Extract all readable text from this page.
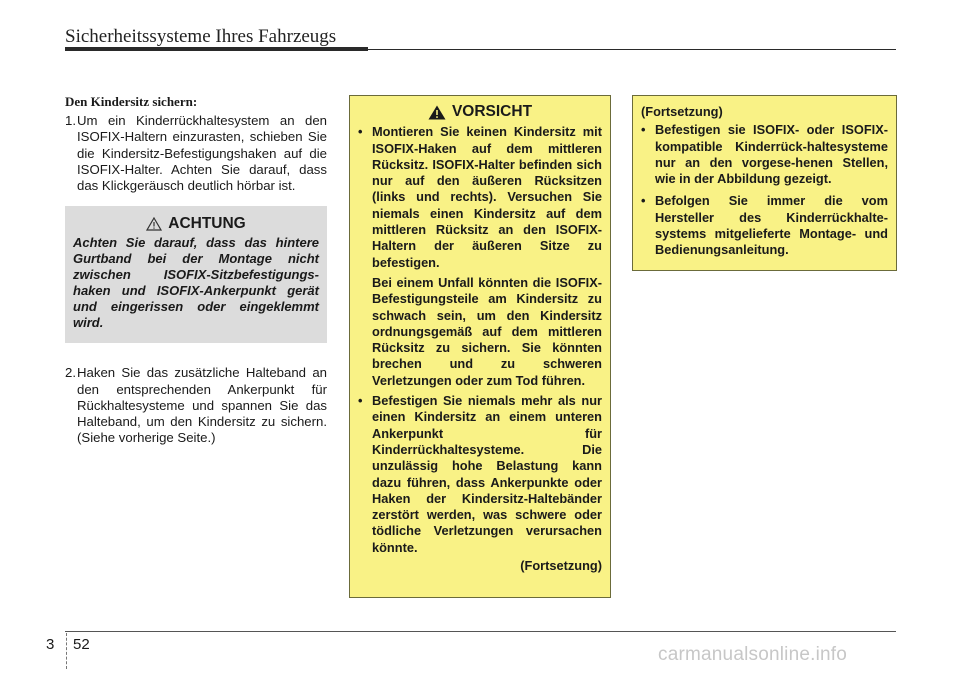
Sicherheitssysteme Ihres Fahrzeugs
Den Kindersitz sichern:
1. Um ein Kinderrückhaltesystem an den ISOFIX-Haltern einzurasten, schieben Sie die Kindersitz-Befestigungshaken auf die ISOFIX-Halter. Achten Sie darauf, dass das Klickgeräusch deutlich hörbar ist.
ACHTUNG
Achten Sie darauf, dass das hintere Gurtband bei der Montage nicht zwischen ISOFIX-Sitzbefestigungs-haken und ISOFIX-Ankerpunkt gerät und eingerissen oder eingeklemmt wird.
2. Haken Sie das zusätzliche Halteband an den entsprechenden Ankerpunkt für Rückhaltesysteme und spannen Sie das Halteband, um den Kindersitz zu sichern. (Siehe vorherige Seite.)
VORSICHT
• Montieren Sie keinen Kindersitz mit ISOFIX-Haken auf dem mittleren Rücksitz. ISOFIX-Halter befinden sich nur auf den äußeren Rücksitzen (links und rechts). Versuchen Sie niemals einen Kindersitz auf dem mittleren Rücksitz an den ISOFIX-Haltern der äußeren Sitze zu befestigen.
Bei einem Unfall könnten die ISOFIX-Befestigungsteile am Kindersitz zu schwach sein, um den Kindersitz ordnungsgemäß auf dem mittleren Rücksitz zu sichern. Sie könnten brechen und zu schweren Verletzungen oder zum Tod führen.
• Befestigen Sie niemals mehr als nur einen Kindersitz an einem unteren Ankerpunkt für Kinderrückhaltesysteme. Die unzulässig hohe Belastung kann dazu führen, dass Ankerpunkte oder Haken der Kindersitz-Haltebänder zerstört werden, was schwere oder tödliche Verletzungen verursachen könnte.
(Fortsetzung)
(Fortsetzung)
• Befestigen sie ISOFIX- oder ISOFIX-kompatible Kinderrück-haltesysteme nur an den vorgese-henen Stellen, wie in der Abbildung gezeigt.
• Befolgen Sie immer die vom Hersteller des Kinderrückhalte-systems mitgelieferte Montage- und Bedienungsanleitung.
3 52	carmanualsonline.info
